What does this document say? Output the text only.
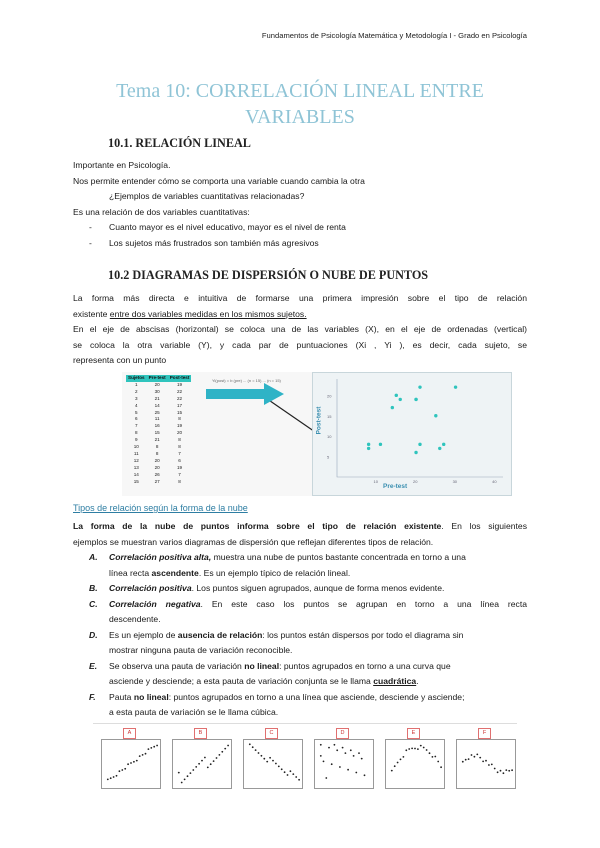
Fundamentos de Psicología Matemática y Metodología I - Grado en Psicología
Tema 10: CORRELACIÓN LINEAL ENTRE
VARIABLES
10.1. RELACIÓN LINEAL
Importante en Psicología.
Nos permite entender cómo se comporta una variable cuando cambia la otra
¿Ejemplos de variables cuantitativas relacionadas?
Es una relación de dos variables cuantitativas:
- Cuanto mayor es el nivel educativo, mayor es el nivel de renta
- Los sujetos más frustrados son también más agresivos
10.2 DIAGRAMAS DE DISPERSIÓN O NUBE DE PUNTOS
La forma más directa e intuitiva de formarse una primera impresión sobre el tipo de relación
existente entre dos variables medidas en los mismos sujetos.
En el eje de abscisas (horizontal) se coloca una de las variables (X), en el eje de ordenadas (vertical)
se coloca la otra variable (Y), y cada par de puntuaciones (Xi , Yi ), es decir, cada sujeto, se
representa con un punto
Sujetos	Pre-test	Post-test
1	20	19
2	30	22
3	21	22
4	14	17
5	25	15
6	11	8
7	16	19
8	15	20
9	21	8
10	8	8
11	8	7
12	20	6
13	20	19
14	26	7
15	27	8
Yi(post) = b (pre) ... (n = 15) ... (n = 15)
20
15
10
5
10	20	30	40
Pre-test
Post-test
Tipos de relación según la forma de la nube
La forma de la nube de puntos informa sobre el tipo de relación existente. En los siguientes
ejemplos se muestran varios diagramas de dispersión que reflejan diferentes tipos de relación.
A. Correlación positiva alta, muestra una nube de puntos bastante concentrada en torno a una
línea recta ascendente. Es un ejemplo típico de relación lineal.
B. Correlación positiva. Los puntos siguen agrupados, aunque de forma menos evidente.
C. Correlación negativa. En este caso los puntos se agrupan en torno a una línea recta
descendente.
D. Es un ejemplo de ausencia de relación: los puntos están dispersos por todo el diagrama sin
mostrar ninguna pauta de variación reconocible.
E. Se observa una pauta de variación no lineal: puntos agrupados en torno a una curva que
asciende y desciende; a esta pauta de variación conjunta se le llama cuadrática.
F. Pauta no lineal: puntos agrupados en torno a una línea que asciende, desciende y asciende;
a esta pauta de variación se le llama cúbica.
A	B	C	D	E	F
